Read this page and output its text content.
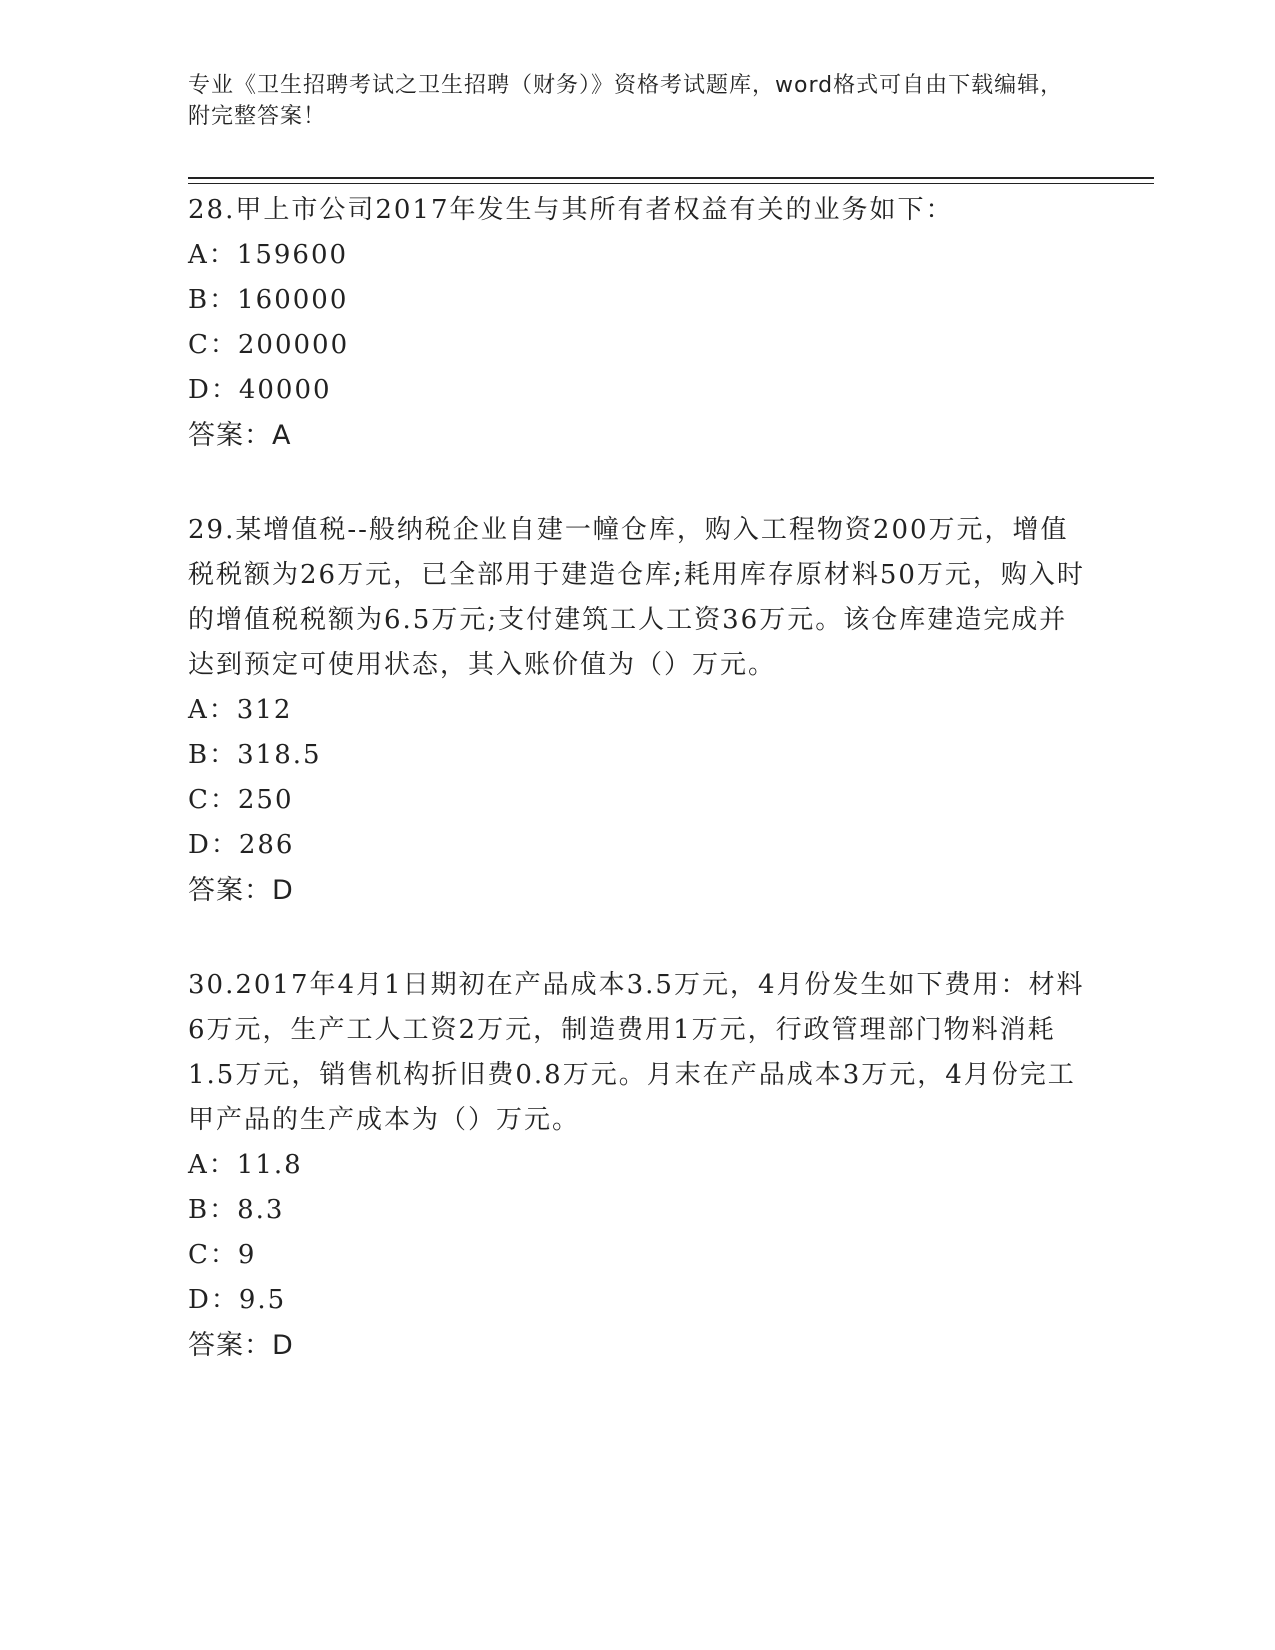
专业《卫生招聘考试之卫生招聘（财务）》资格考试题库，word格式可自由下载编辑，附完整答案！
28.甲上市公司2017年发生与其所有者权益有关的业务如下：
A：159600
B：160000
C：200000
D：40000
答案：A
29.某增值税--般纳税企业自建一幢仓库，购入工程物资200万元，增值税税额为26万元，已全部用于建造仓库;耗用库存原材料50万元，购入时的增值税税额为6.5万元;支付建筑工人工资36万元。该仓库建造完成并达到预定可使用状态，其入账价值为（）万元。
A：312
B：318.5
C：250
D：286
答案：D
30.2017年4月1日期初在产品成本3.5万元，4月份发生如下费用：材料6万元，生产工人工资2万元，制造费用1万元，行政管理部门物料消耗1.5万元，销售机构折旧费0.8万元。月末在产品成本3万元，4月份完工甲产品的生产成本为（）万元。
A：11.8
B：8.3
C：9
D：9.5
答案：D
